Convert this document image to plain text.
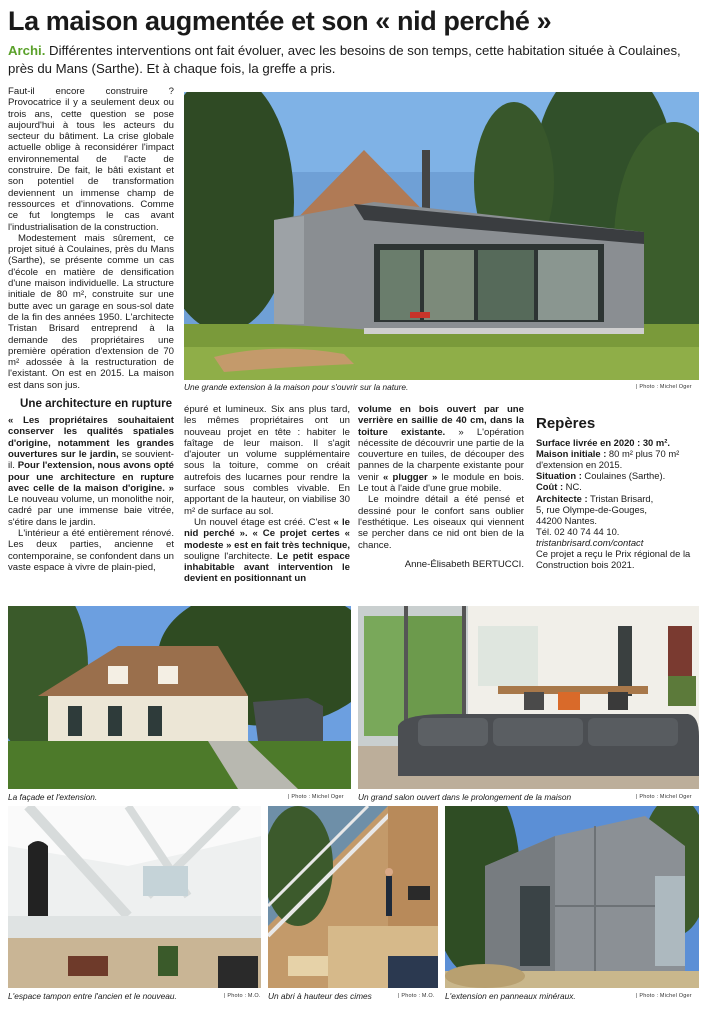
La maison augmentée et son « nid perché »
Archi. Différentes interventions ont fait évoluer, avec les besoins de son temps, cette habitation située à Coulaines, près du Mans (Sarthe). Et à chaque fois, la greffe a pris.

Faut-il encore construire ? Provocatrice il y a seulement deux ou trois ans, cette question se pose aujourd'hui à tous les acteurs du secteur du bâtiment. La crise globale actuelle oblige à reconsidérer l'impact environnemental de l'acte de construire. De fait, le bâti existant et son potentiel de transformation deviennent un immense champ de ressources et d'innovations. Comme ce fut longtemps le cas avant l'industrialisation de la construction.

Modestement mais sûrement, ce projet situé à Coulaines, près du Mans (Sarthe), se présente comme un cas d'école en matière de densification d'une maison individuelle. La structure initiale de 80 m², construite sur une butte avec un garage en sous-sol date de la fin des années 1950. L'architecte Tristan Brisard entreprend à la demande des propriétaires une première opération d'extension de 70 m² adossée à la restructuration de l'existant. On est en 2015. La maison est dans son jus.

Une architecture en rupture

« Les propriétaires souhaitaient conserver les qualités spatiales d'origine, notamment les grandes ouvertures sur le jardin, se souvient-il. Pour l'extension, nous avons opté pour une architecture en rupture avec celle de la maison d'origine. » Le nouveau volume, un monolithe noir, cadré par une immense baie vitrée, s'étire dans le jardin.

L'intérieur a été entièrement rénové. Les deux parties, ancienne et contemporaine, se confondent dans un vaste espace à vivre de plain-pied,

Une grande extension à la maison pour s'ouvrir sur la nature.	| Photo : Michel Oger

épuré et lumineux. Six ans plus tard, les mêmes propriétaires ont un nouveau projet en tête : habiter le faîtage de leur maison. Il s'agit d'ajouter un volume supplémentaire sous la toiture, comme on créait autrefois des lucarnes pour rendre la surface sous combles vivable. En apportant de la hauteur, on viabilise 30 m² de surface au sol.

Un nouvel étage est créé. C'est « le nid perché ». « Ce projet certes « modeste » est en fait très technique, souligne l'architecte. Le petit espace inhabitable avant intervention le devient en positionnant un

volume en bois ouvert par une verrière en saillie de 40 cm, dans la toiture existante. » L'opération nécessite de découvrir une partie de la couverture en tuiles, de découper des pannes de la charpente existante pour venir « plugger » le module en bois. Le tout à l'aide d'une grue mobile.

Le moindre détail a été pensé et dessiné pour le confort sans oublier l'esthétique. Les oiseaux qui viennent se percher dans ce nid ont bien de la chance.

Anne-Élisabeth BERTUCCI.
Repères
Surface livrée en 2020 : 30 m².
Maison initiale : 80 m² plus 70 m² d'extension en 2015.
Situation : Coulaines (Sarthe).
Coût : NC.
Architecte : Tristan Brisard,
5, rue Olympe-de-Gouges,
44200 Nantes.
Tél. 02 40 74 44 10.
tristanbrisard.com/contact
Ce projet a reçu le Prix régional de la Construction bois 2021.
La façade et l'extension.	| Photo : Michel Oger Un grand salon ouvert dans le prolongement de la maison	| Photo : Michel Oger
L'espace tampon entre l'ancien et le nouveau.	| Photo : M.O. Un abri à hauteur des cimes	| Photo : M.O. L'extension en panneaux minéraux.	| Photo : Michel Oger
